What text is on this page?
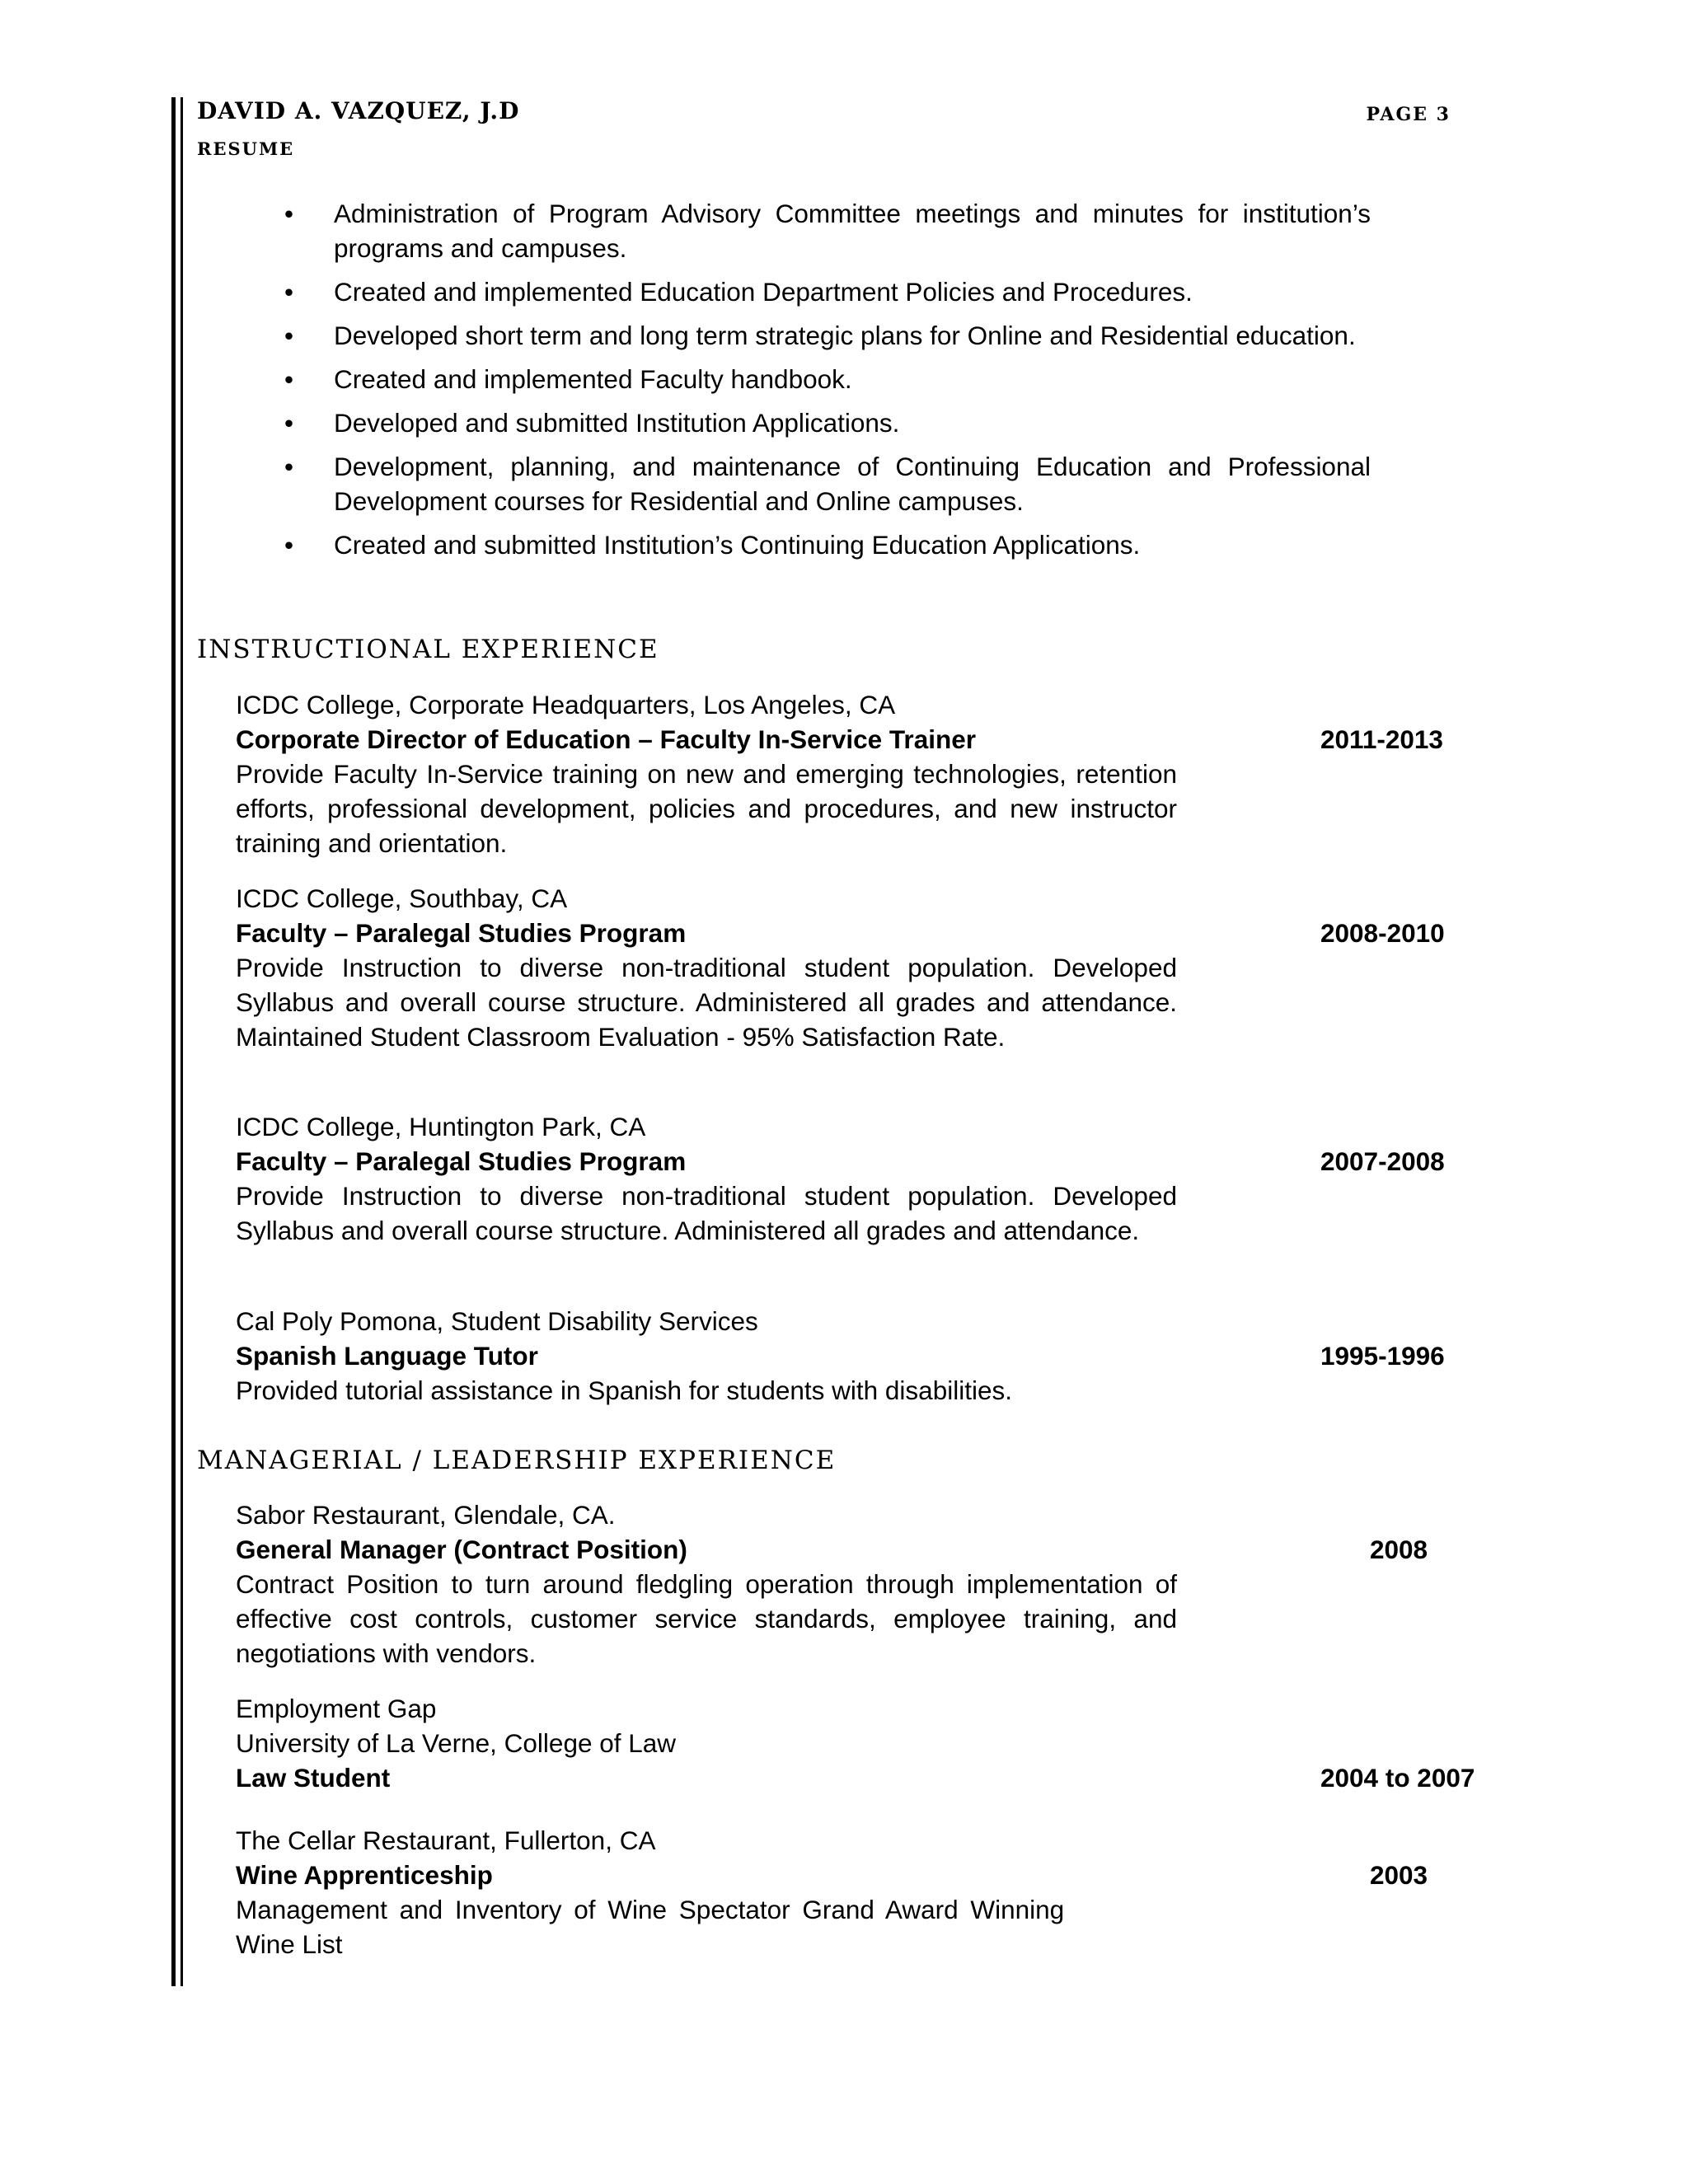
DAVID A. VAZQUEZ, J.D
RESUME
PAGE 3
• Administration of Program Advisory Committee meetings and minutes for institution’s programs and campuses.
• Created and implemented Education Department Policies and Procedures.
• Developed short term and long term strategic plans for Online and Residential education.
• Created and implemented Faculty handbook.
• Developed and submitted Institution Applications.
• Development, planning, and maintenance of Continuing Education and Professional Development courses for Residential and Online campuses.
• Created and submitted Institution’s Continuing Education Applications.
INSTRUCTIONAL EXPERIENCE
ICDC College, Corporate Headquarters, Los Angeles, CA
Corporate Director of Education – Faculty In-Service Trainer	2011-2013
Provide Faculty In-Service training on new and emerging technologies, retention efforts, professional development, policies and procedures, and new instructor training and orientation.
ICDC College, Southbay, CA
Faculty – Paralegal Studies Program	2008-2010
Provide Instruction to diverse non-traditional student population. Developed Syllabus and overall course structure. Administered all grades and attendance. Maintained Student Classroom Evaluation - 95% Satisfaction Rate.
ICDC College, Huntington Park, CA
Faculty – Paralegal Studies Program	2007-2008
Provide Instruction to diverse non-traditional student population. Developed Syllabus and overall course structure. Administered all grades and attendance.
Cal Poly Pomona, Student Disability Services
Spanish Language Tutor	1995-1996
Provided tutorial assistance in Spanish for students with disabilities.
MANAGERIAL / LEADERSHIP EXPERIENCE
Sabor Restaurant, Glendale, CA.
General Manager (Contract Position)	2008
Contract Position to turn around fledgling operation through implementation of effective cost controls, customer service standards, employee training, and negotiations with vendors.
Employment Gap
University of La Verne, College of Law
Law Student	2004 to 2007
The Cellar Restaurant, Fullerton, CA
Wine Apprenticeship	2003
Management and Inventory of Wine Spectator Grand Award Winning
Wine List
